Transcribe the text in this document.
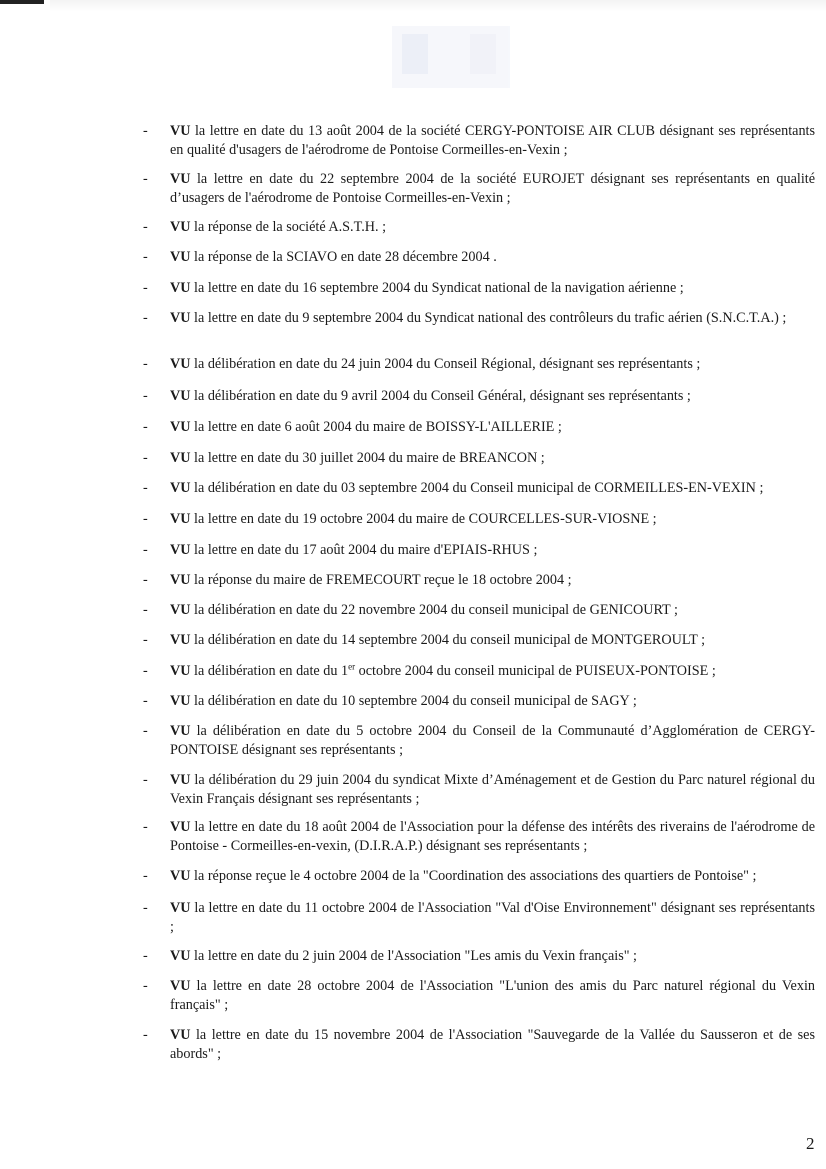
-	VU la lettre en date du 13 août 2004 de la société CERGY-PONTOISE AIR CLUB désignant ses représentants en qualité d'usagers de l'aérodrome de Pontoise Cormeilles-en-Vexin ;
-	VU la lettre en date du 22 septembre 2004 de la société EUROJET désignant ses représentants en qualité d’usagers de l'aérodrome de Pontoise Cormeilles-en-Vexin ;
-	VU la réponse de la société A.S.T.H. ;
-	VU la réponse de la SCIAVO en date 28 décembre 2004 .
-	VU la lettre en date du 16 septembre 2004 du Syndicat national de la navigation aérienne ;
-	VU la lettre en date du 9 septembre 2004 du Syndicat national des contrôleurs du trafic aérien (S.N.C.T.A.) ;
-	VU la délibération en date du 24 juin 2004 du Conseil Régional, désignant ses représentants ;
-	VU la délibération en date du 9 avril 2004 du Conseil Général, désignant ses représentants ;
-	VU la lettre en date 6 août 2004 du maire de BOISSY-L'AILLERIE ;
-	VU la lettre en date du 30 juillet 2004 du maire de BREANCON ;
-	VU la délibération en date du 03 septembre 2004 du Conseil municipal de CORMEILLES-EN-VEXIN ;
-	VU la lettre en date du 19 octobre 2004 du maire de COURCELLES-SUR-VIOSNE ;
-	VU la lettre en date du 17 août 2004 du maire d'EPIAIS-RHUS ;
-	VU la réponse du maire de FREMECOURT reçue le 18 octobre 2004 ;
-	VU la délibération en date du 22 novembre 2004 du conseil municipal de GENICOURT ;
-	VU la délibération en date du 14 septembre 2004 du conseil municipal de MONTGEROULT ;
-	VU la délibération en date du 1er octobre 2004 du conseil municipal de PUISEUX-PONTOISE ;
-	VU la délibération en date du 10 septembre 2004 du conseil municipal de SAGY ;
-	VU la délibération en date du 5 octobre 2004 du Conseil de la Communauté d’Agglomération de CERGY-PONTOISE désignant ses représentants ;
-	VU la délibération du 29 juin 2004 du syndicat Mixte d’Aménagement et de Gestion du Parc naturel régional du Vexin Français désignant ses représentants ;
-	VU la lettre en date du 18 août 2004 de l'Association pour la défense des intérêts des riverains de l'aérodrome de Pontoise - Cormeilles-en-vexin, (D.I.R.A.P.) désignant ses représentants ;
-	VU la réponse reçue le 4 octobre 2004 de la "Coordination des associations des quartiers de Pontoise" ;
-	VU la lettre en date du 11 octobre 2004 de l'Association "Val d'Oise Environnement" désignant ses représentants ;
-	VU la lettre en date du 2 juin 2004 de l'Association "Les amis du Vexin français" ;
-	VU la lettre en date 28 octobre 2004 de l'Association "L'union des amis du Parc naturel régional du Vexin français" ;
-	VU la lettre en date du 15 novembre 2004 de l'Association "Sauvegarde de la Vallée du Sausseron et de ses abords" ;
2
